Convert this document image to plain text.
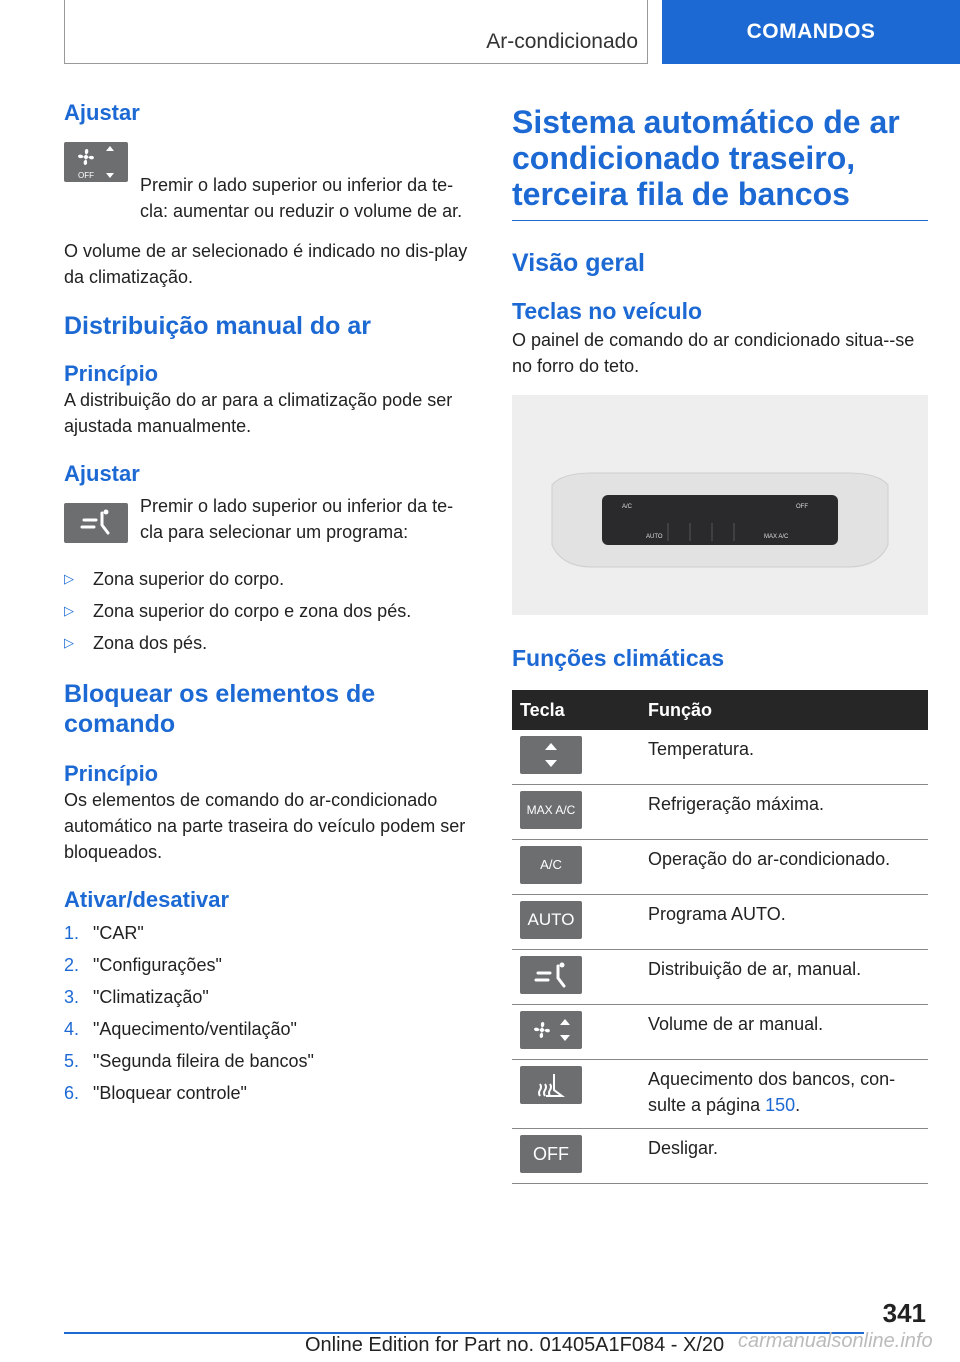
Ar-condicionado	COMANDOS
Ajustar
OFF	Premir o lado superior ou inferior da te-cla: aumentar ou reduzir o volume de ar.

O volume de ar selecionado é indicado no dis-play da climatização.

Distribuição manual do ar
Princípio

A distribuição do ar para a climatização pode ser ajustada manualmente.

Ajustar

Premir o lado superior ou inferior da te-cla para selecionar um programa:

▷	Zona superior do corpo.
▷	Zona superior do corpo e zona dos pés.
▷	Zona dos pés.
Bloquear os elementos de comando
Princípio

Os elementos de comando do ar-condicionado automático na parte traseira do veículo podem ser bloqueados.

Ativar/desativar
1. "CAR"
2. "Configurações"
3. "Climatização"
4. "Aquecimento/ventilação"
5. "Segunda fileira de bancos"
6. "Bloquear controle"
Sistema automático de ar condicionado traseiro, terceira fila de bancos
Visão geral
Teclas no veículo

O painel de comando do ar condicionado situa--se no forro do teto.

A/C	OFF
AUTO	MAX A/C
Funções climáticas
Tecla	Função

	Temperatura.

MAX A/C	Refrigeração máxima.

A/C	Operação do ar-condicionado.

AUTO	Programa AUTO.

	Distribuição de ar, manual.

	Volume de ar manual.

	Aquecimento dos bancos, con-sulte a página 150.

OFF	Desligar.
341
Online Edition for Part no. 01405A1F084 - X/20 carmanualsonline.info
